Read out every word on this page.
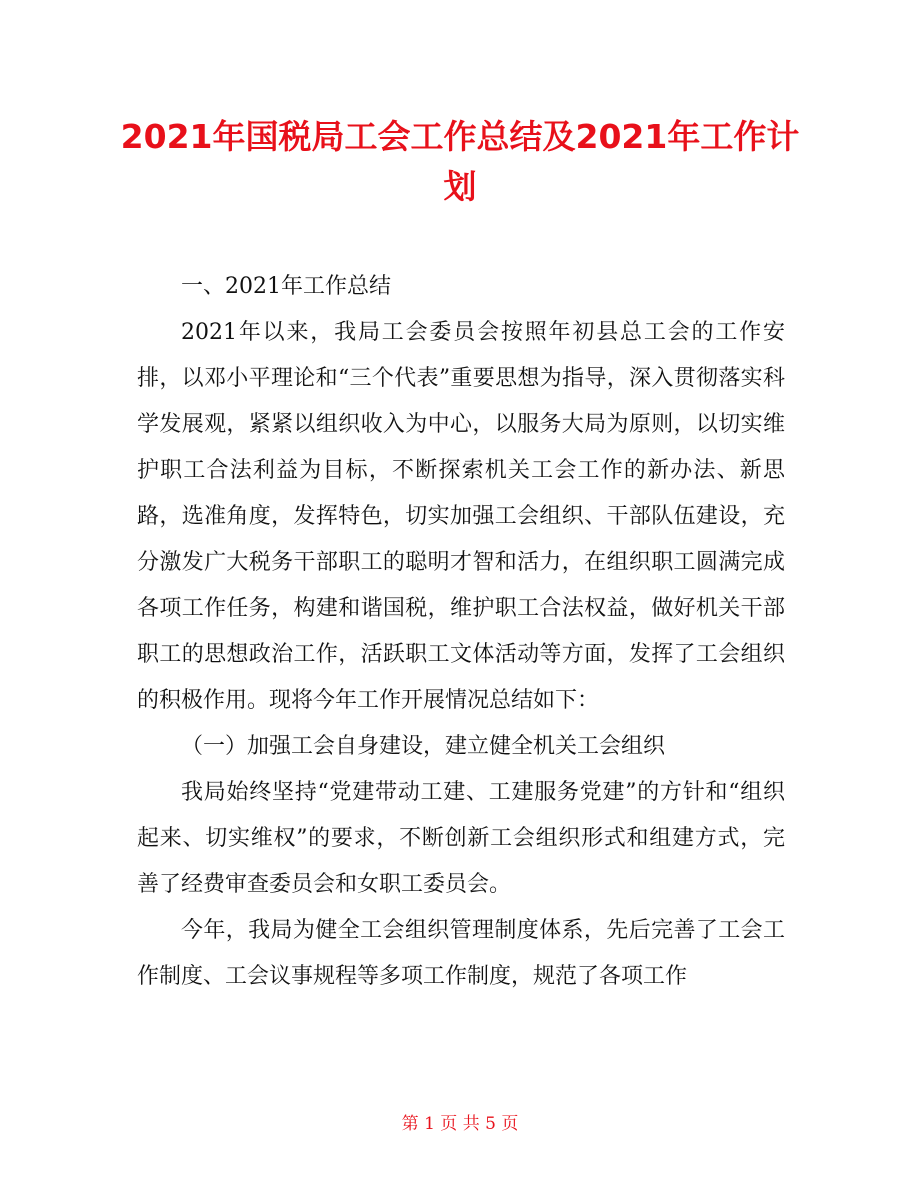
2021年国税局工会工作总结及2021年工作计划

一、2021年工作总结

2021年以来，我局工会委员会按照年初县总工会的工作安排，以邓小平理论和“三个代表”重要思想为指导，深入贯彻落实科学发展观，紧紧以组织收入为中心，以服务大局为原则，以切实维护职工合法利益为目标，不断探索机关工会工作的新办法、新思路，选准角度，发挥特色，切实加强工会组织、干部队伍建设，充分激发广大税务干部职工的聪明才智和活力，在组织职工圆满完成各项工作任务，构建和谐国税，维护职工合法权益，做好机关干部职工的思想政治工作，活跃职工文体活动等方面，发挥了工会组织的积极作用。现将今年工作开展情况总结如下：

（一）加强工会自身建设，建立健全机关工会组织

我局始终坚持“党建带动工建、工建服务党建”的方针和“组织起来、切实维权”的要求，不断创新工会组织形式和组建方式，完善了经费审查委员会和女职工委员会。

今年，我局为健全工会组织管理制度体系，先后完善了工会工作制度、工会议事规程等多项工作制度，规范了各项工作

第 1 页 共 5 页
